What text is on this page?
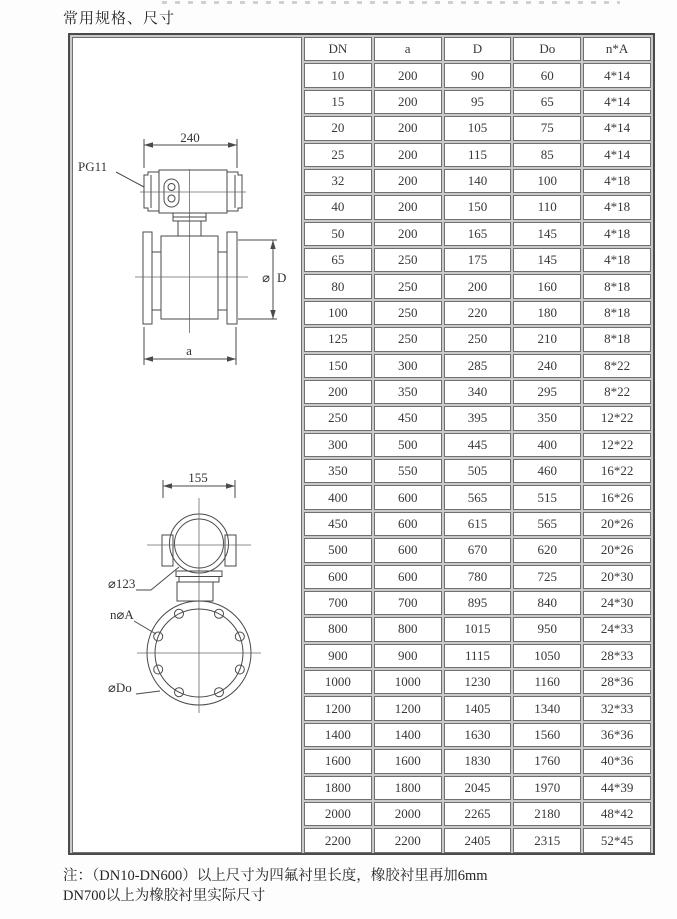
常用规格、尺寸
240
PG11
⌀ D
a
155
⌀123
n⌀A
⌀Do
	DN	a	D	Do	n*A
	10	200	90	60	4*14
	15	200	95	65	4*14
	20	200	105	75	4*14
	25	200	115	85	4*14
	32	200	140	100	4*18
	40	200	150	110	4*18
	50	200	165	145	4*18
	65	250	175	145	4*18
	80	250	200	160	8*18
	100	250	220	180	8*18
	125	250	250	210	8*18
	150	300	285	240	8*22
	200	350	340	295	8*22
	250	450	395	350	12*22
	300	500	445	400	12*22
	350	550	505	460	16*22
	400	600	565	515	16*26
	450	600	615	565	20*26
	500	600	670	620	20*26
	600	600	780	725	20*30
	700	700	895	840	24*30
	800	800	1015	950	24*33
	900	900	1115	1050	28*33
	1000	1000	1230	1160	28*36
	1200	1200	1405	1340	32*33
	1400	1400	1630	1560	36*36
	1600	1600	1830	1760	40*36
	1800	1800	2045	1970	44*39
	2000	2000	2265	2180	48*42
	2200	2200	2405	2315	52*45
注：（DN10-DN600）以上尺寸为四氟衬里长度，橡胶衬里再加6mm
DN700以上为橡胶衬里实际尺寸
